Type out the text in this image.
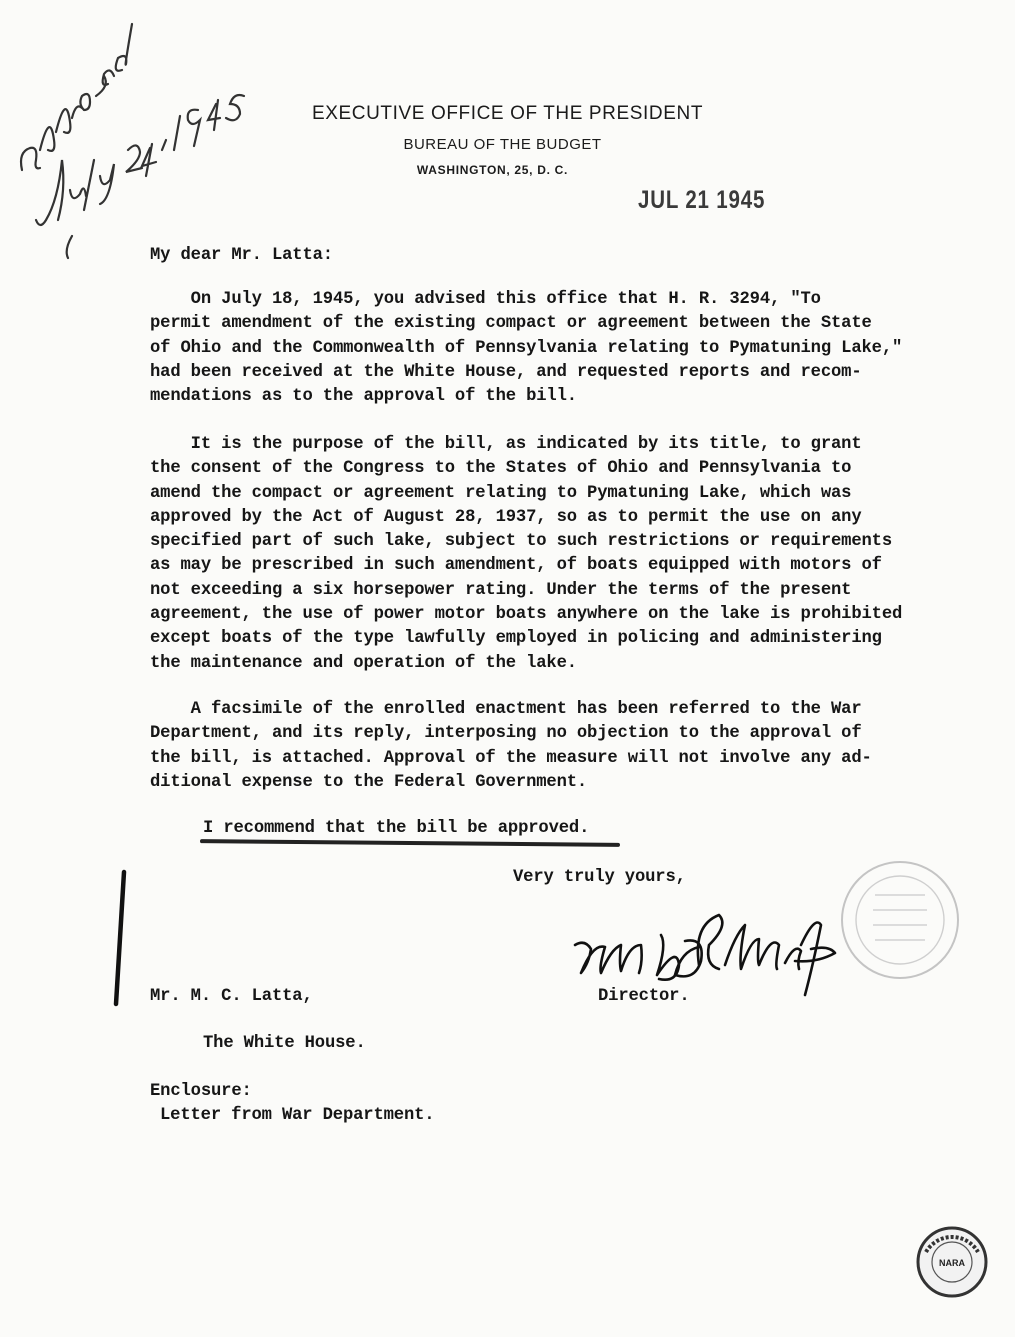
EXECUTIVE OFFICE OF THE PRESIDENT
BUREAU OF THE BUDGET
WASHINGTON, 25, D. C.
JUL 21 1945
My dear Mr. Latta:
On July 18, 1945, you advised this office that H. R. 3294, "To
permit amendment of the existing compact or agreement between the State
of Ohio and the Commonwealth of Pennsylvania relating to Pymatuning Lake,"
had been received at the White House, and requested reports and recom-
mendations as to the approval of the bill.
It is the purpose of the bill, as indicated by its title, to grant
the consent of the Congress to the States of Ohio and Pennsylvania to
amend the compact or agreement relating to Pymatuning Lake, which was
approved by the Act of August 28, 1937, so as to permit the use on any
specified part of such lake, subject to such restrictions or requirements
as may be prescribed in such amendment, of boats equipped with motors of
not exceeding a six horsepower rating. Under the terms of the present
agreement, the use of power motor boats anywhere on the lake is prohibited
except boats of the type lawfully employed in policing and administering
the maintenance and operation of the lake.
A facsimile of the enrolled enactment has been referred to the War
Department, and its reply, interposing no objection to the approval of
the bill, is attached. Approval of the measure will not involve any ad-
ditional expense to the Federal Government.
I recommend that the bill be approved.
Very truly yours,
Mr. M. C. Latta,	Director.
The White House.
Enclosure:
Letter from War Department.
NARA
